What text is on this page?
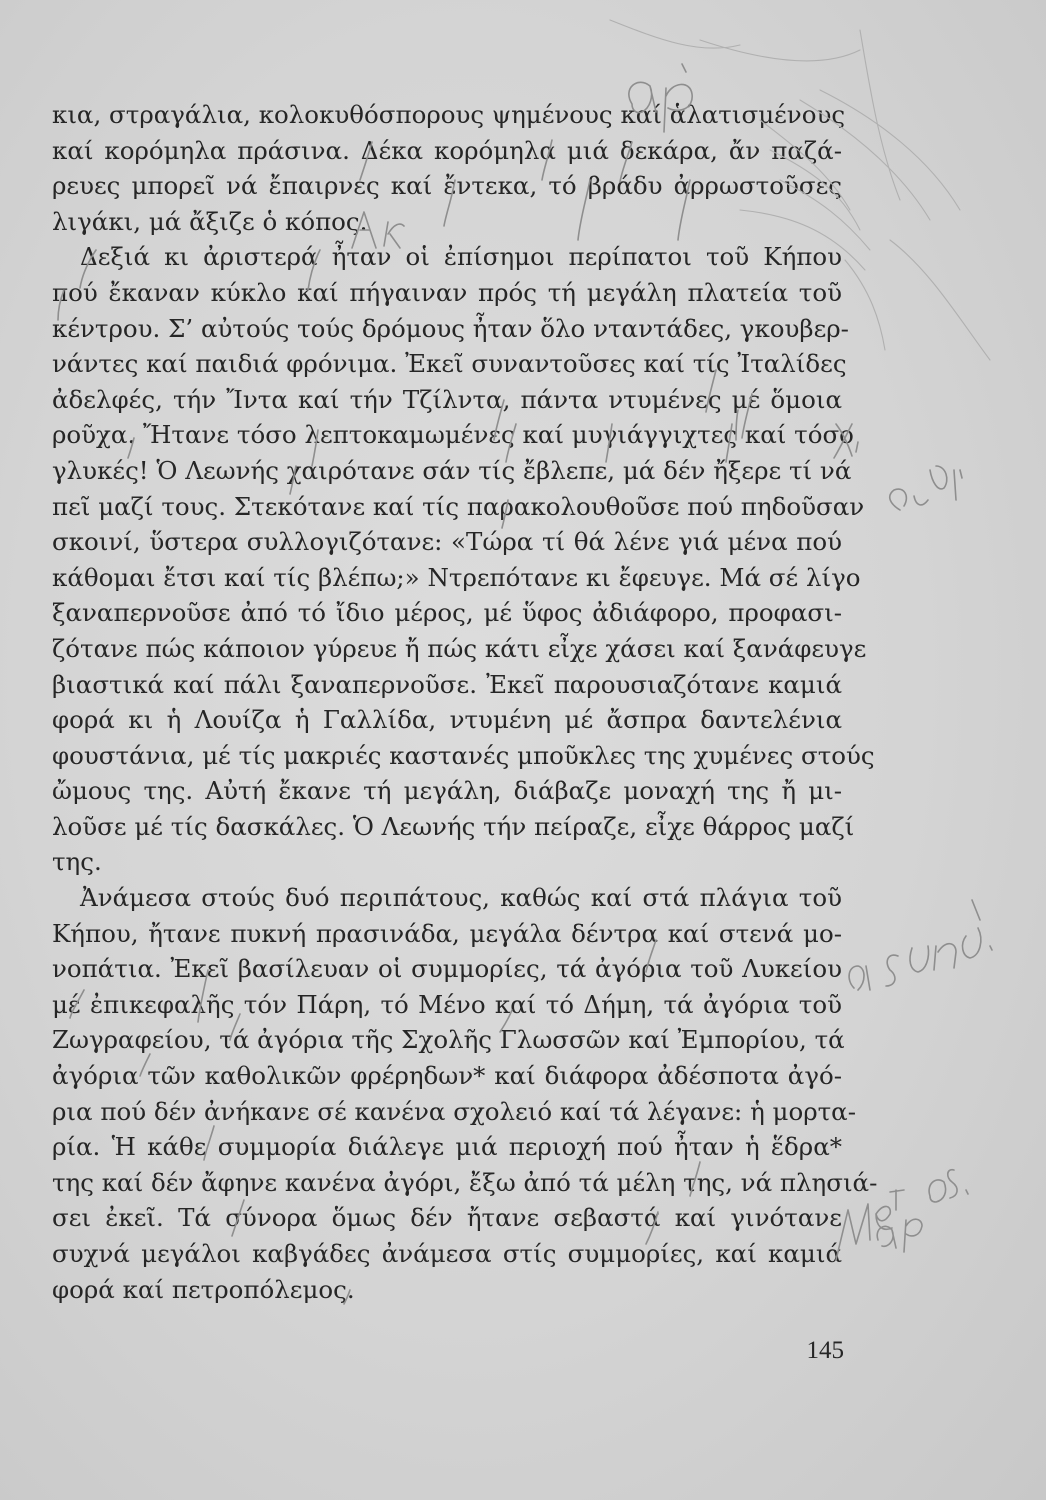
κια, στραγάλια, κολοκυθόσπορους ψημένους καί ἁλατισμένους
καί κορόμηλα πράσινα. Δέκα κορόμηλα μιά δεκάρα, ἄν παζά-
ρευες μπορεῖ νά ἔπαιρνες καί ἔντεκα, τό βράδυ ἀρρωστοῦσες
λιγάκι, μά ἄξιζε ὁ κόπος.
Δεξιά κι ἀριστερά ἦταν οἱ ἐπίσημοι περίπατοι τοῦ Κήπου
πού ἔκαναν κύκλο καί πήγαιναν πρός τή μεγάλη πλατεία τοῦ
κέντρου. Σ’ αὐτούς τούς δρόμους ἦταν ὅλο νταντάδες, γκουβερ-
νάντες καί παιδιά φρόνιμα. Ἐκεῖ συναντοῦσες καί τίς Ἰταλίδες
ἀδελφές, τήν Ἴντα καί τήν Τζίλντα, πάντα ντυμένες μέ ὅμοια
ροῦχα. Ἤτανε τόσο λεπτοκαμωμένες καί μυγιάγγιχτες καί τόσο
γλυκές! Ὁ Λεωνής χαιρότανε σάν τίς ἔβλεπε, μά δέν ἤξερε τί νά
πεῖ μαζί τους. Στεκότανε καί τίς παρακολουθοῦσε πού πηδοῦσαν
σκοινί, ὕστερα συλλογιζότανε: «Τώρα τί θά λένε γιά μένα πού
κάθομαι ἔτσι καί τίς βλέπω;» Ντρεπότανε κι ἔφευγε. Μά σέ λίγο
ξαναπερνοῦσε ἀπό τό ἴδιο μέρος, μέ ὕφος ἀδιάφορο, προφασι-
ζότανε πώς κάποιον γύρευε ἤ πώς κάτι εἶχε χάσει καί ξανάφευγε
βιαστικά καί πάλι ξαναπερνοῦσε. Ἐκεῖ παρουσιαζότανε καμιά
φορά κι ἡ Λουίζα ἡ Γαλλίδα, ντυμένη μέ ἄσπρα δαντελένια
φουστάνια, μέ τίς μακριές καστανές μποῦκλες της χυμένες στούς
ὤμους της. Αὐτή ἔκανε τή μεγάλη, διάβαζε μοναχή της ἤ μι-
λοῦσε μέ τίς δασκάλες. Ὁ Λεωνής τήν πείραζε, εἶχε θάρρος μαζί
της.
Ἀνάμεσα στούς δυό περιπάτους, καθώς καί στά πλάγια τοῦ
Κήπου, ἤτανε πυκνή πρασινάδα, μεγάλα δέντρα καί στενά μο-
νοπάτια. Ἐκεῖ βασίλευαν οἱ συμμορίες, τά ἀγόρια τοῦ Λυκείου
μέ ἐπικεφαλῆς τόν Πάρη, τό Μένο καί τό Δήμη, τά ἀγόρια τοῦ
Ζωγραφείου, τά ἀγόρια τῆς Σχολῆς Γλωσσῶν καί Ἐμπορίου, τά
ἀγόρια τῶν καθολικῶν φρέρηδων* καί διάφορα ἀδέσποτα ἀγό-
ρια πού δέν ἀνήκανε σέ κανένα σχολειό καί τά λέγανε: ἡ μορτα-
ρία. Ἡ κάθε συμμορία διάλεγε μιά περιοχή πού ἦταν ἡ ἕδρα*
της καί δέν ἄφηνε κανένα ἀγόρι, ἔξω ἀπό τά μέλη της, νά πλησιά-
σει ἐκεῖ. Τά σύνορα ὅμως δέν ἤτανε σεβαστά καί γινότανε
συχνά μεγάλοι καβγάδες ἀνάμεσα στίς συμμορίες, καί καμιά
φορά καί πετροπόλεμος.
145
